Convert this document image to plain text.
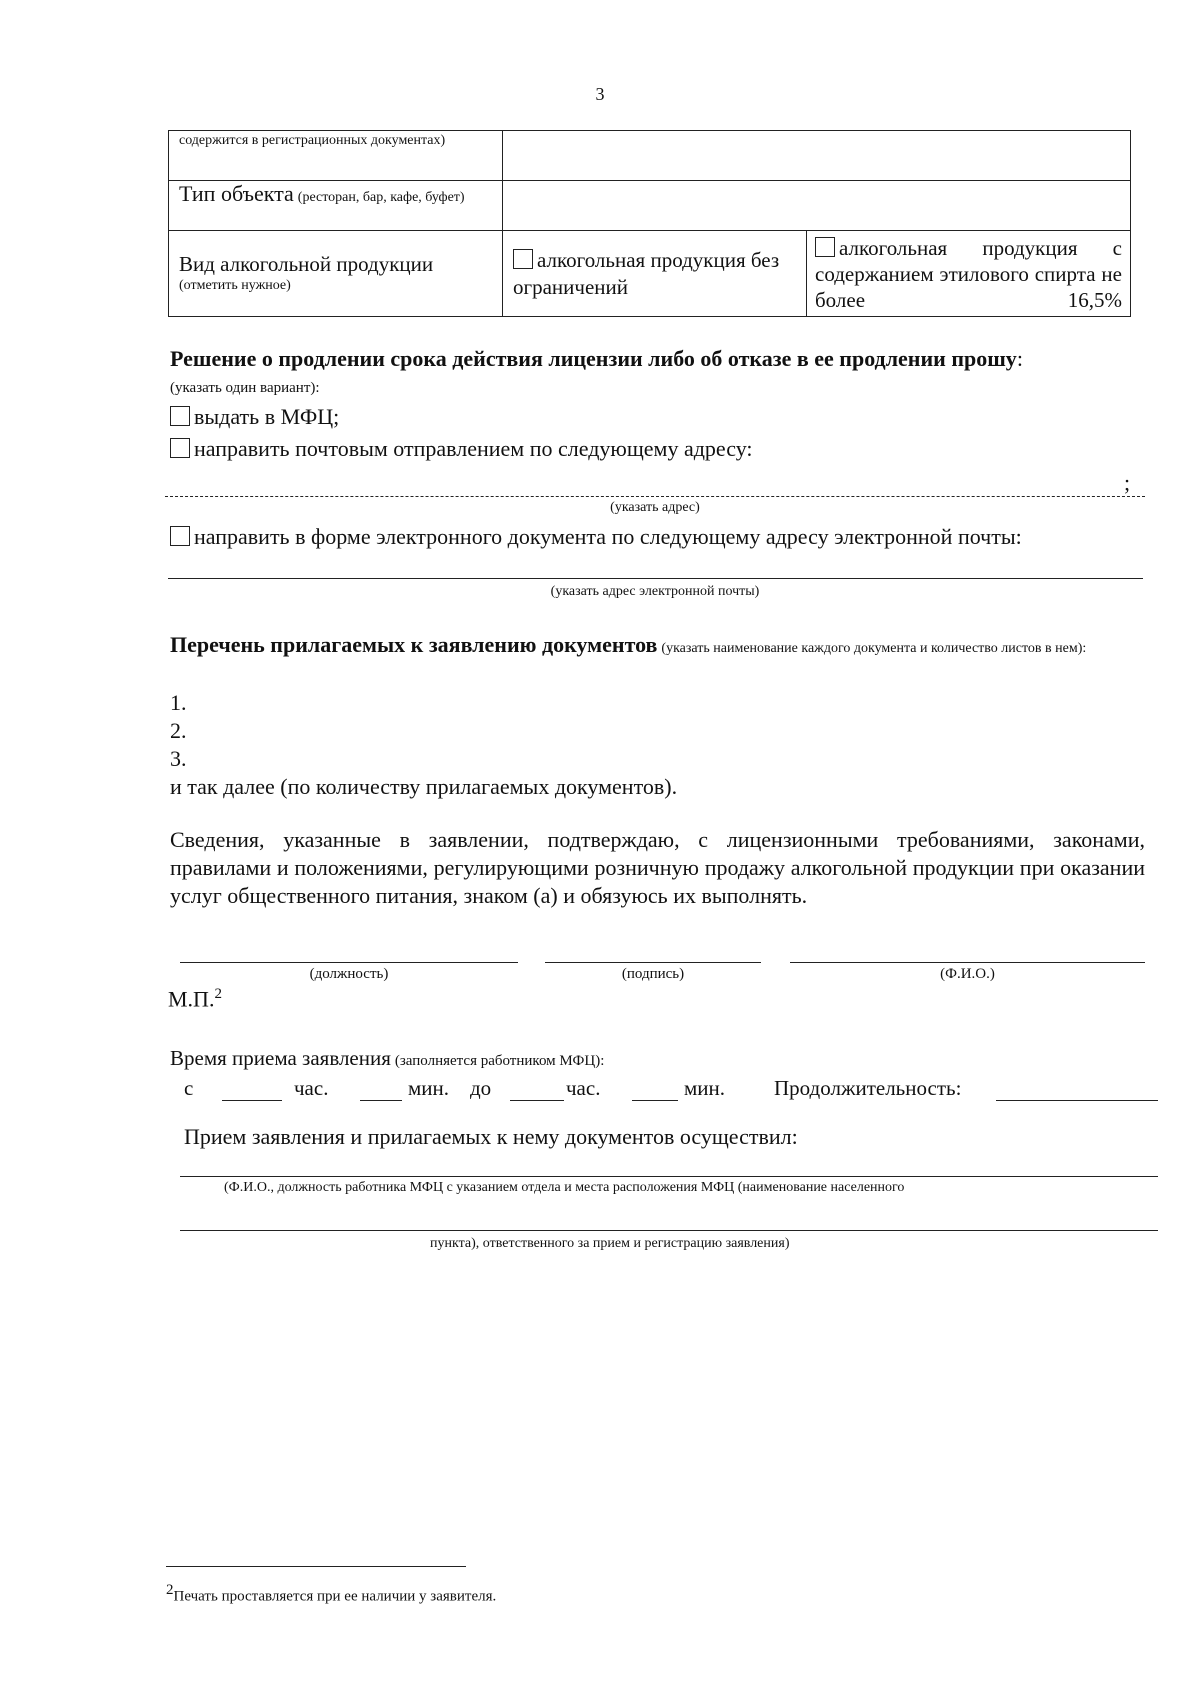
3
содержится в регистрационных документах)		
Тип объекта (ресторан, бар, кафе, буфет)		

Вид алкогольной продукции
(отметить нужное)	алкогольная продукция без ограничений	алкогольная продукция с содержанием этилового спирта не более 16,5%
Решение о продлении срока действия лицензии либо об отказе в ее продлении прошу:
(указать один вариант):
выдать в МФЦ;
направить почтовым отправлением по следующему адресу:
;
(указать адрес)
направить в форме электронного документа по следующему адресу электронной почты:
(указать адрес электронной почты)
Перечень прилагаемых к заявлению документов (указать наименование каждого документа и количество листов в нем):
1.
2.
3.
и так далее (по количеству прилагаемых документов).
Сведения, указанные в заявлении, подтверждаю, с лицензионными требованиями, законами, правилами и положениями, регулирующими розничную продажу алкогольной продукции при оказании услуг общественного питания, знаком (а) и обязуюсь их выполнять.
(должность)	(подпись)	(Ф.И.О.)
М.П.$^2$
Время приема заявления (заполняется работником МФЦ):
с	час.	мин. до	час.	мин. Продолжительность:
Прием заявления и прилагаемых к нему документов осуществил:
(Ф.И.О., должность работника МФЦ с указанием отдела и места расположения МФЦ (наименование населенного
пункта), ответственного за прием и регистрацию заявления)
$^2$Печать проставляется при ее наличии у заявителя.
